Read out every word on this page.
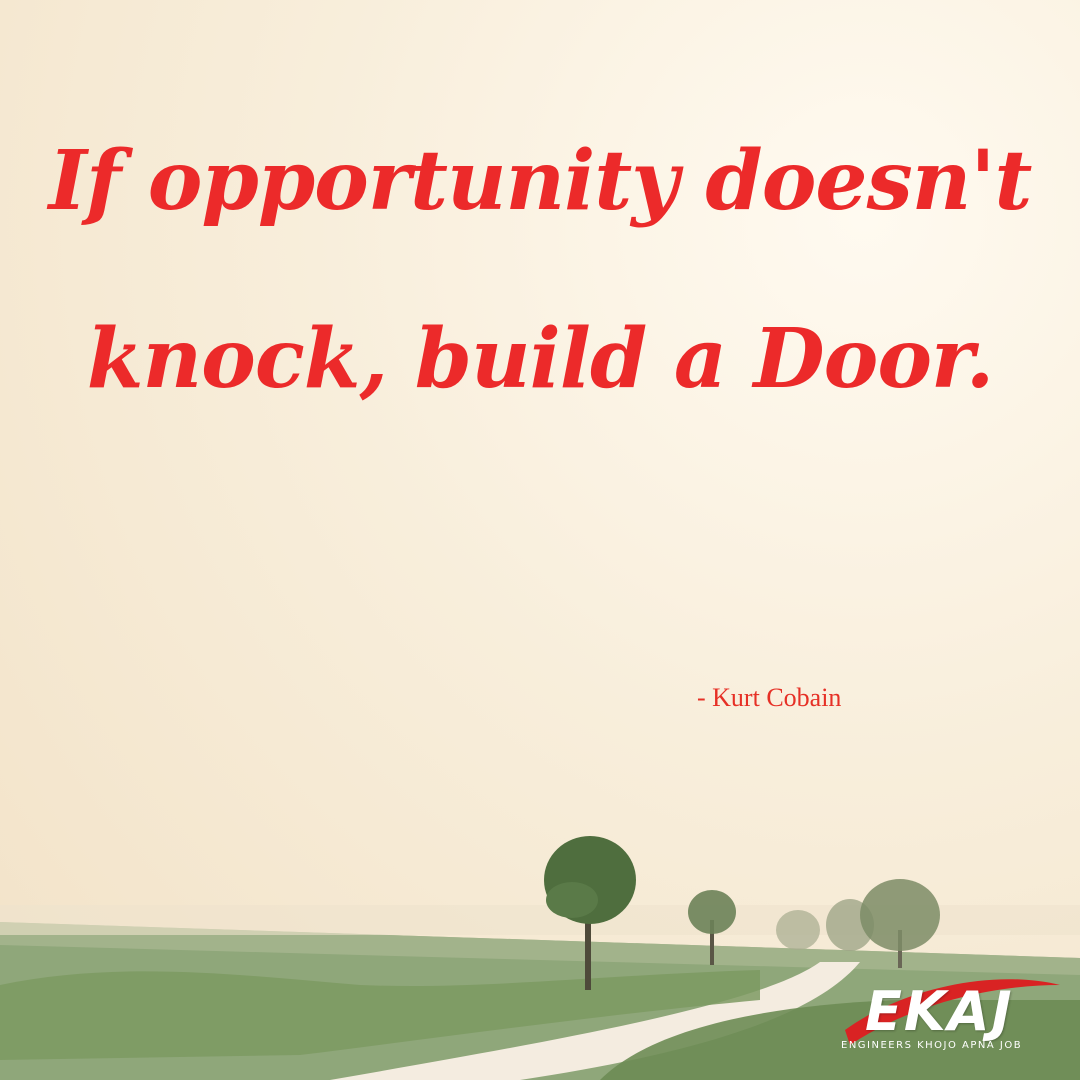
If opportunity doesn't knock, build a Door.

- Kurt Cobain
EKAJ
ENGINEERS KHOJO APNA JOB
